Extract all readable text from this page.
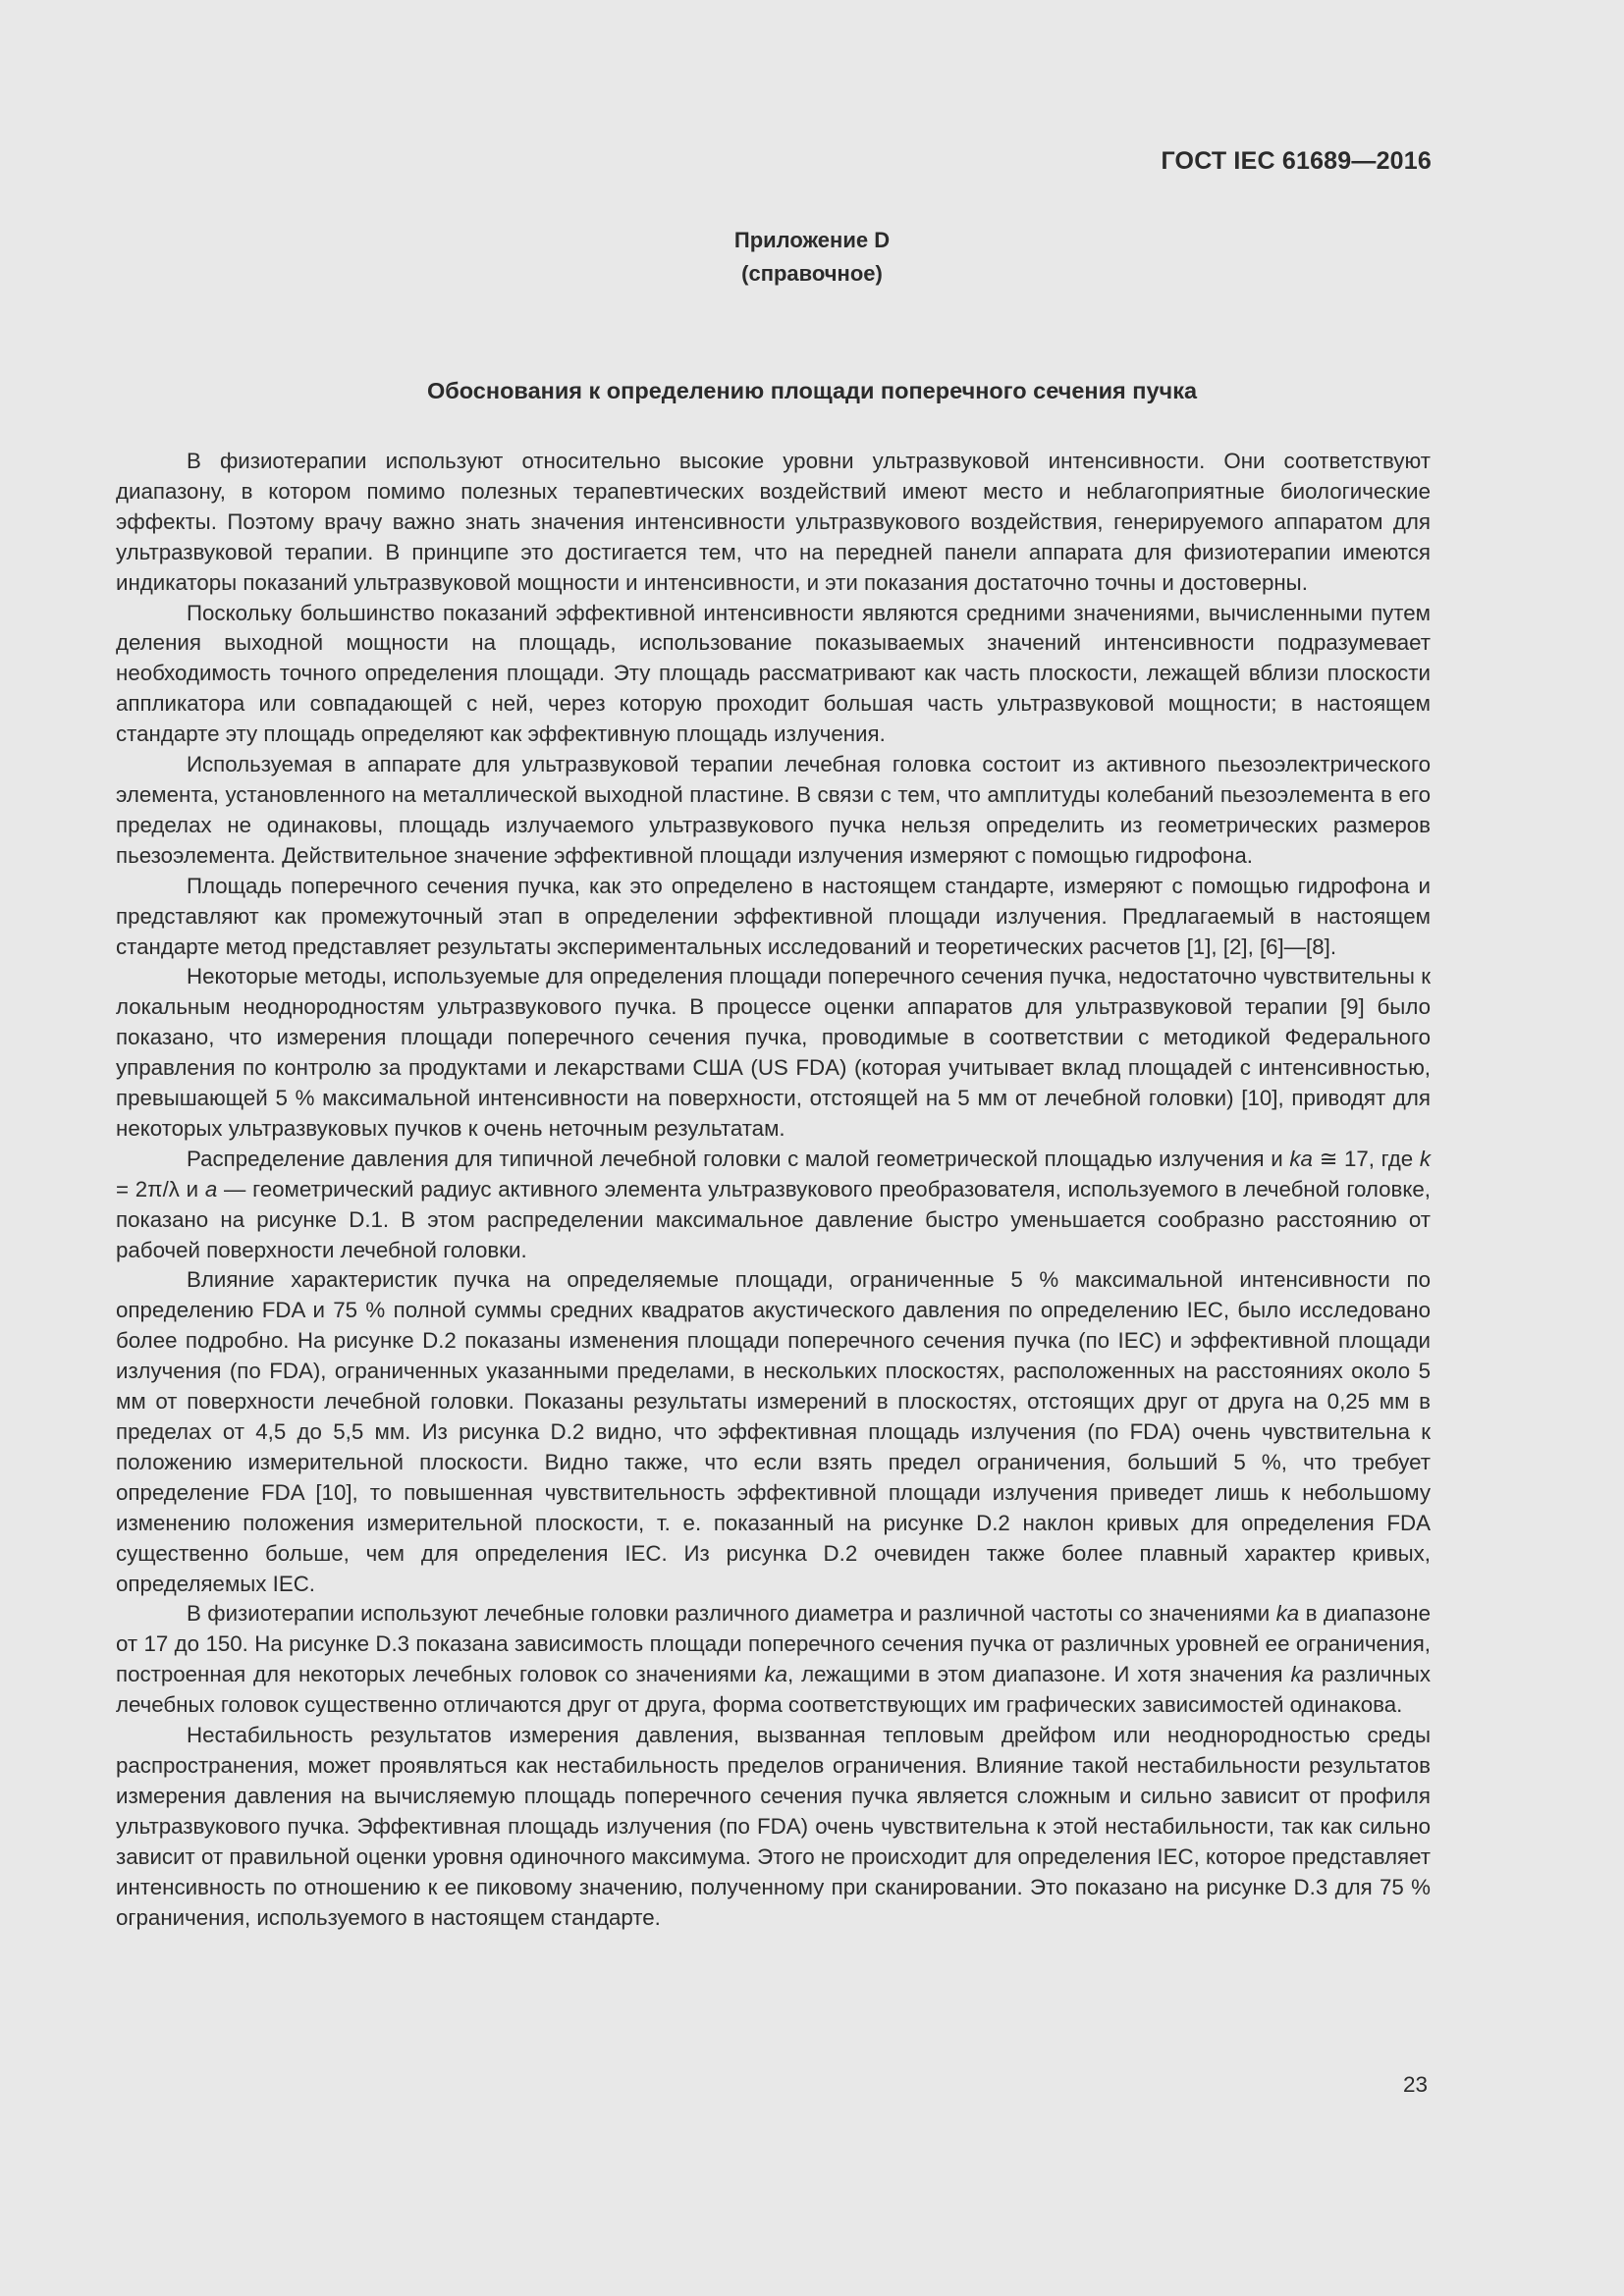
ГОСТ IEC 61689—2016
Приложение D
(справочное)
Обоснования к определению площади поперечного сечения пучка

В физиотерапии используют относительно высокие уровни ультразвуковой интенсивности. Они соответствуют диапазону, в котором помимо полезных терапевтических воздействий имеют место и неблагоприятные биологические эффекты. Поэтому врачу важно знать значения интенсивности ультразвукового воздействия, генерируемого аппаратом для ультразвуковой терапии. В принципе это достигается тем, что на передней панели аппарата для физиотерапии имеются индикаторы показаний ультразвуковой мощности и интенсивности, и эти показания достаточно точны и достоверны.

Поскольку большинство показаний эффективной интенсивности являются средними значениями, вычисленными путем деления выходной мощности на площадь, использование показываемых значений интенсивности подразумевает необходимость точного определения площади. Эту площадь рассматривают как часть плоскости, лежащей вблизи плоскости аппликатора или совпадающей с ней, через которую проходит большая часть ультразвуковой мощности; в настоящем стандарте эту площадь определяют как эффективную площадь излучения.

Используемая в аппарате для ультразвуковой терапии лечебная головка состоит из активного пьезоэлектрического элемента, установленного на металлической выходной пластине. В связи с тем, что амплитуды колебаний пьезоэлемента в его пределах не одинаковы, площадь излучаемого ультразвукового пучка нельзя определить из геометрических размеров пьезоэлемента. Действительное значение эффективной площади излучения измеряют с помощью гидрофона.

Площадь поперечного сечения пучка, как это определено в настоящем стандарте, измеряют с помощью гидрофона и представляют как промежуточный этап в определении эффективной площади излучения. Предлагаемый в настоящем стандарте метод представляет результаты экспериментальных исследований и теоретических расчетов [1], [2], [6]—[8].

Некоторые методы, используемые для определения площади поперечного сечения пучка, недостаточно чувствительны к локальным неоднородностям ультразвукового пучка. В процессе оценки аппаратов для ультразвуковой терапии [9] было показано, что измерения площади поперечного сечения пучка, проводимые в соответствии с методикой Федерального управления по контролю за продуктами и лекарствами США (US FDA) (которая учитывает вклад площадей с интенсивностью, превышающей 5 % максимальной интенсивности на поверхности, отстоящей на 5 мм от лечебной головки) [10], приводят для некоторых ультразвуковых пучков к очень неточным результатам.

Распределение давления для типичной лечебной головки с малой геометрической площадью излучения и ka ≅ 17, где k = 2π/λ и a — геометрический радиус активного элемента ультразвукового преобразователя, используемого в лечебной головке, показано на рисунке D.1. В этом распределении максимальное давление быстро уменьшается сообразно расстоянию от рабочей поверхности лечебной головки.

Влияние характеристик пучка на определяемые площади, ограниченные 5 % максимальной интенсивности по определению FDA и 75 % полной суммы средних квадратов акустического давления по определению IEC, было исследовано более подробно. На рисунке D.2 показаны изменения площади поперечного сечения пучка (по IEC) и эффективной площади излучения (по FDA), ограниченных указанными пределами, в нескольких плоскостях, расположенных на расстояниях около 5 мм от поверхности лечебной головки. Показаны результаты измерений в плоскостях, отстоящих друг от друга на 0,25 мм в пределах от 4,5 до 5,5 мм. Из рисунка D.2 видно, что эффективная площадь излучения (по FDA) очень чувствительна к положению измерительной плоскости. Видно также, что если взять предел ограничения, больший 5 %, что требует определение FDA [10], то повышенная чувствительность эффективной площади излучения приведет лишь к небольшому изменению положения измерительной плоскости, т. е. показанный на рисунке D.2 наклон кривых для определения FDA существенно больше, чем для определения IEC. Из рисунка D.2 очевиден также более плавный характер кривых, определяемых IEC.

В физиотерапии используют лечебные головки различного диаметра и различной частоты со значениями ka в диапазоне от 17 до 150. На рисунке D.3 показана зависимость площади поперечного сечения пучка от различных уровней ее ограничения, построенная для некоторых лечебных головок со значениями ka, лежащими в этом диапазоне. И хотя значения ka различных лечебных головок существенно отличаются друг от друга, форма соответствующих им графических зависимостей одинакова.

Нестабильность результатов измерения давления, вызванная тепловым дрейфом или неоднородностью среды распространения, может проявляться как нестабильность пределов ограничения. Влияние такой нестабильности результатов измерения давления на вычисляемую площадь поперечного сечения пучка является сложным и сильно зависит от профиля ультразвукового пучка. Эффективная площадь излучения (по FDA) очень чувствительна к этой нестабильности, так как сильно зависит от правильной оценки уровня одиночного максимума. Этого не происходит для определения IEC, которое представляет интенсивность по отношению к ее пиковому значению, полученному при сканировании. Это показано на рисунке D.3 для 75 % ограничения, используемого в настоящем стандарте.

23
